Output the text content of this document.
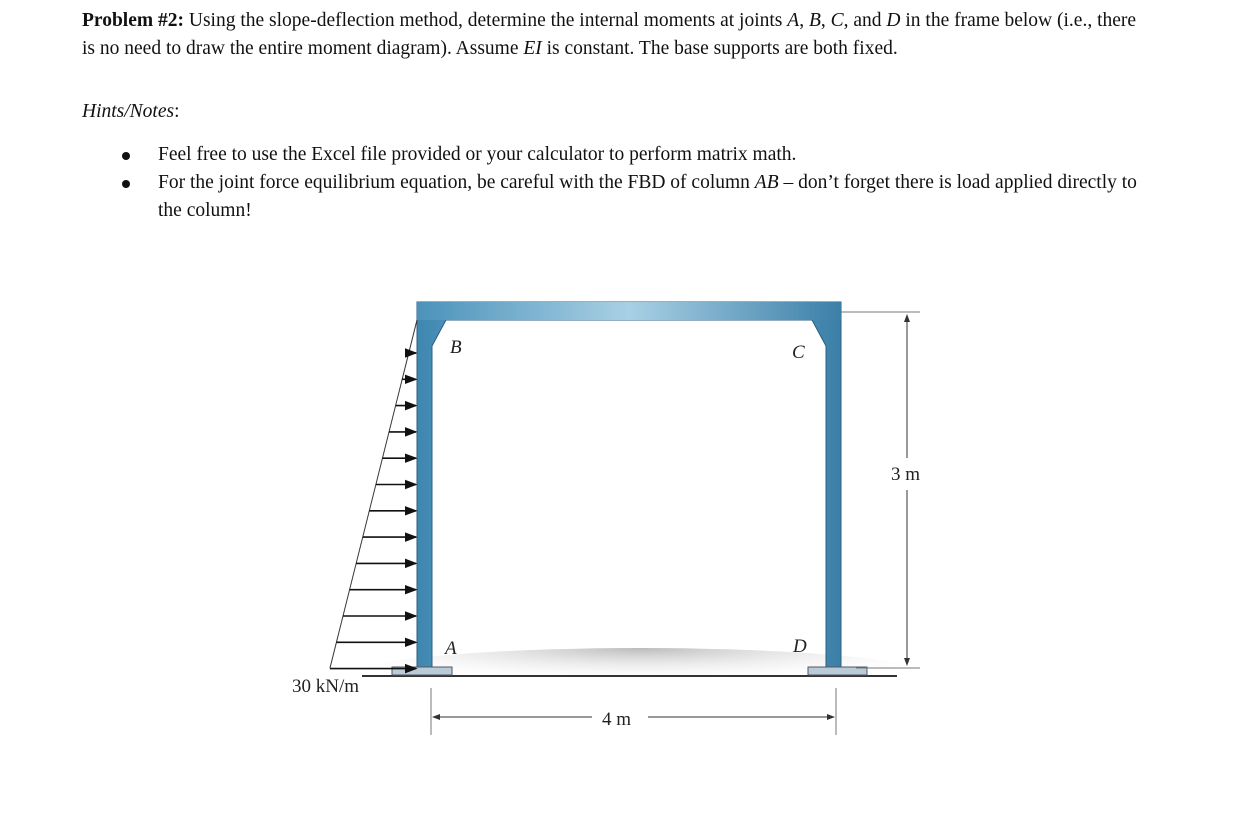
Problem #2: Using the slope-deflection method, determine the internal moments at joints A, B, C, and D in the frame below (i.e., there is no need to draw the entire moment diagram). Assume EI is constant. The base supports are both fixed.
Hints/Notes:
Feel free to use the Excel file provided or your calculator to perform matrix math.
For the joint force equilibrium equation, be careful with the FBD of column AB – don’t forget there is load applied directly to the column!
B	C
A	D
30 kN/m
3 m
4 m
